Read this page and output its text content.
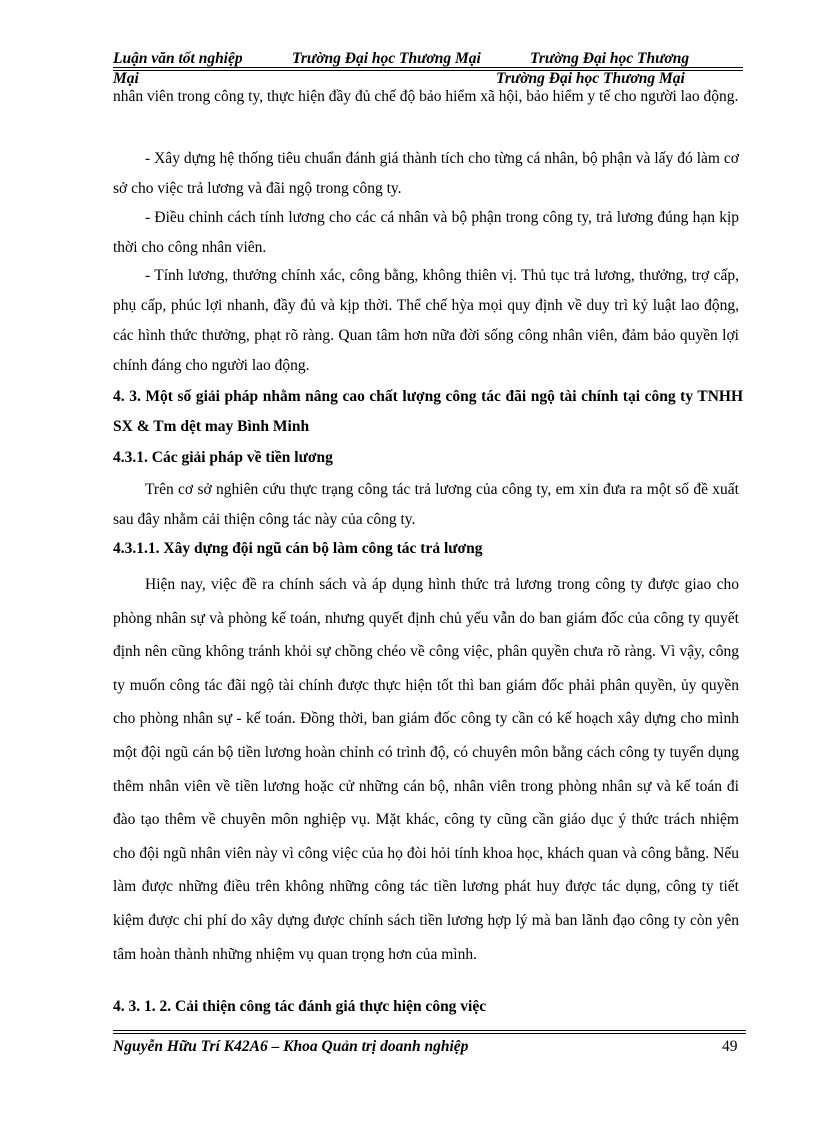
Luận văn tốt nghiệp	Trường Đại học Thương Mại	Trường Đại học Thương
Mại	Trường Đại học Thương Mại
nhân viên trong công ty, thực hiện đầy đủ chế độ bảo hiểm xã hội, bảo hiểm y tế cho người lao động.
- Xây dựng hệ thống tiêu chuẩn đánh giá thành tích cho từng cá nhân, bộ phận và lấy đó làm cơ sở cho việc trả lương và đãi ngộ trong công ty.
- Điều chỉnh cách tính lương cho các cá nhân và bộ phận trong công ty, trả lương đúng hạn kịp thời cho công nhân viên.
- Tính lương, thưởng chính xác, công bằng, không thiên vị. Thủ tục trả lương, thưởng, trợ cấp, phụ cấp, phúc lợi nhanh, đầy đủ và kịp thời. Thể chế hỳa mọi quy định về duy trì kỷ luật lao động, các hình thức thưởng, phạt rõ ràng. Quan tâm hơn nữa đời sống công nhân viên, đảm bảo quyền lợi chính đáng cho người lao động.
4. 3. Một số giải pháp nhằm nâng cao chất lượng công tác đãi ngộ tài chính tại công ty TNHH SX & Tm dệt may Bình Minh
4.3.1. Các giải pháp về tiền lương
Trên cơ sở nghiên cứu thực trạng công tác trả lương của công ty, em xin đưa ra một số đề xuất sau đây nhằm cải thiện công tác này của công ty.
4.3.1.1. Xây dựng đội ngũ cán bộ làm công tác trả lương
Hiện nay, việc đề ra chính sách và áp dụng hình thức trả lương trong công ty được giao cho phòng nhân sự và phòng kế toán, nhưng quyết định chủ yếu vẫn do ban giám đốc của công ty quyết định nên cũng không tránh khỏi sự chồng chéo về công việc, phân quyền chưa rõ ràng. Vì vậy, công ty muốn công tác đãi ngộ tài chính được thực hiện tốt thì ban giám đốc phải phân quyền, ủy quyền cho phòng nhân sự - kế toán. Đồng thời, ban giám đốc công ty cần có kế hoạch xây dựng cho mình một đội ngũ cán bộ tiền lương hoàn chỉnh có trình độ, có chuyên môn bằng cách công ty tuyển dụng thêm nhân viên về tiền lương hoặc cử những cán bộ, nhân viên trong phòng nhân sự và kế toán đi đào tạo thêm về chuyên môn nghiệp vụ. Mặt khác, công ty cũng cần giáo dục ý thức trách nhiệm cho đội ngũ nhân viên này vì công việc của họ đòi hỏi tính khoa học, khách quan và công bằng. Nếu làm được những điều trên không những công tác tiền lương phát huy được tác dụng, công ty tiết kiệm được chi phí do xây dựng được chính sách tiền lương hợp lý mà ban lãnh đạo công ty còn yên tâm hoàn thành những nhiệm vụ quan trọng hơn của mình.
4. 3. 1. 2. Cải thiện công tác đánh giá thực hiện công việc
Nguyễn Hữu Trí K42A6 – Khoa Quản trị doanh nghiệp	49
